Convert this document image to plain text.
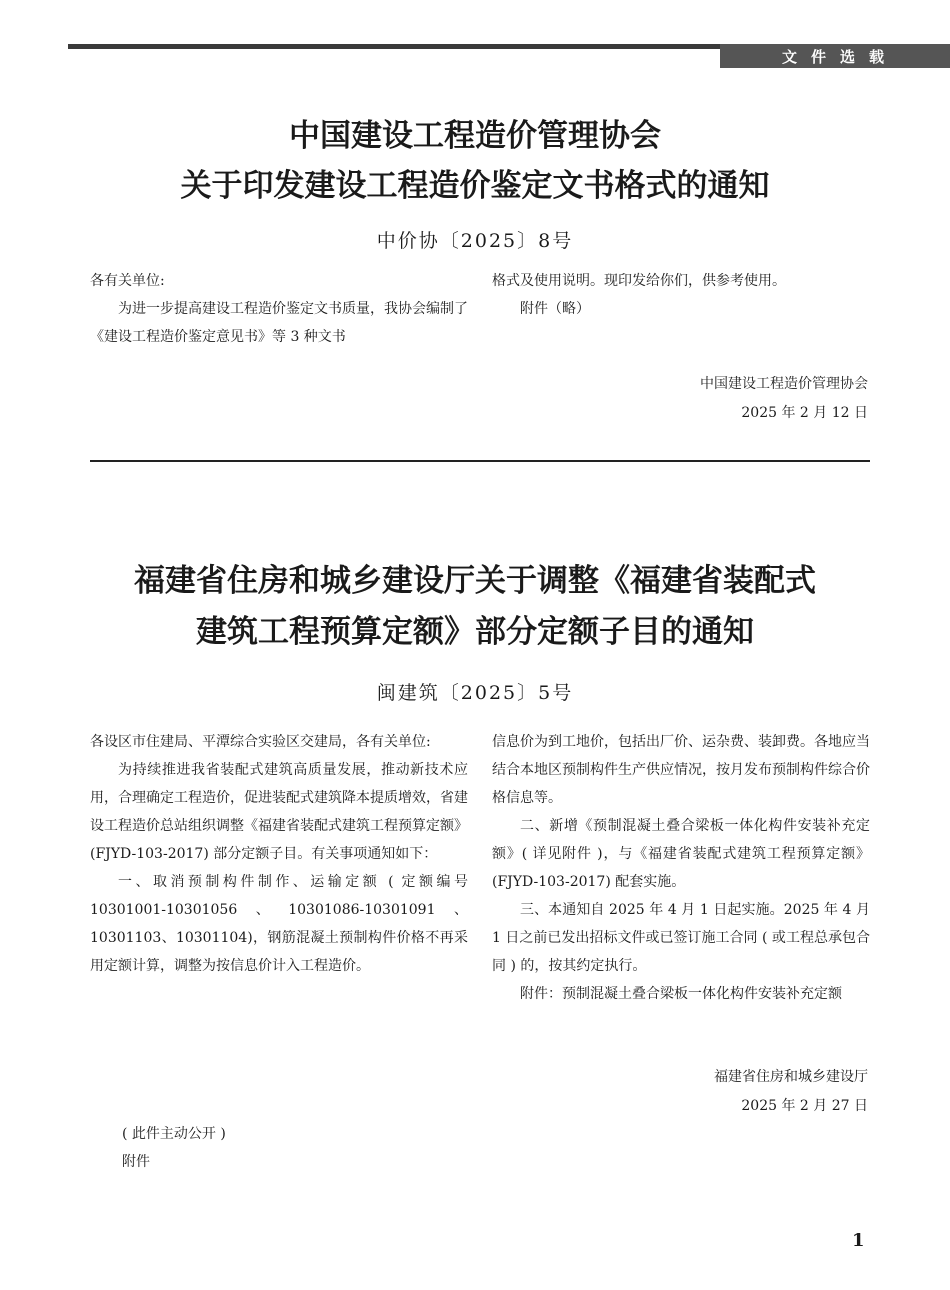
文件选载
中国建设工程造价管理协会
关于印发建设工程造价鉴定文书格式的通知
中价协〔2025〕8号

各有关单位:

为进一步提高建设工程造价鉴定文书质量，我协会编制了《建设工程造价鉴定意见书》等 3 种文书

格式及使用说明。现印发给你们，供参考使用。

附件（略）

中国建设工程造价管理协会
2025 年 2 月 12 日
福建省住房和城乡建设厅关于调整《福建省装配式
建筑工程预算定额》部分定额子目的通知
闽建筑〔2025〕5号

各设区市住建局、平潭综合实验区交建局，各有关单位:

为持续推进我省装配式建筑高质量发展，推动新技术应用，合理确定工程造价，促进装配式建筑降本提质增效，省建设工程造价总站组织调整《福建省装配式建筑工程预算定额》(FJYD-103-2017) 部分定额子目。有关事项通知如下：

一、取消预制构件制作、运输定额 ( 定额编号 10301001-10301056、10301086-10301091、10301103、10301104)，钢筋混凝土预制构件价格不再采用定额计算，调整为按信息价计入工程造价。

信息价为到工地价，包括出厂价、运杂费、装卸费。各地应当结合本地区预制构件生产供应情况，按月发布预制构件综合价格信息等。

二、新增《预制混凝土叠合梁板一体化构件安装补充定额》( 详见附件 )，与《福建省装配式建筑工程预算定额》(FJYD-103-2017) 配套实施。

三、本通知自 2025 年 4 月 1 日起实施。2025 年 4 月 1 日之前已发出招标文件或已签订施工合同 ( 或工程总承包合同 ) 的，按其约定执行。

附件：预制混凝土叠合梁板一体化构件安装补充定额

福建省住房和城乡建设厅
2025 年 2 月 27 日
( 此件主动公开 )
附件
1
